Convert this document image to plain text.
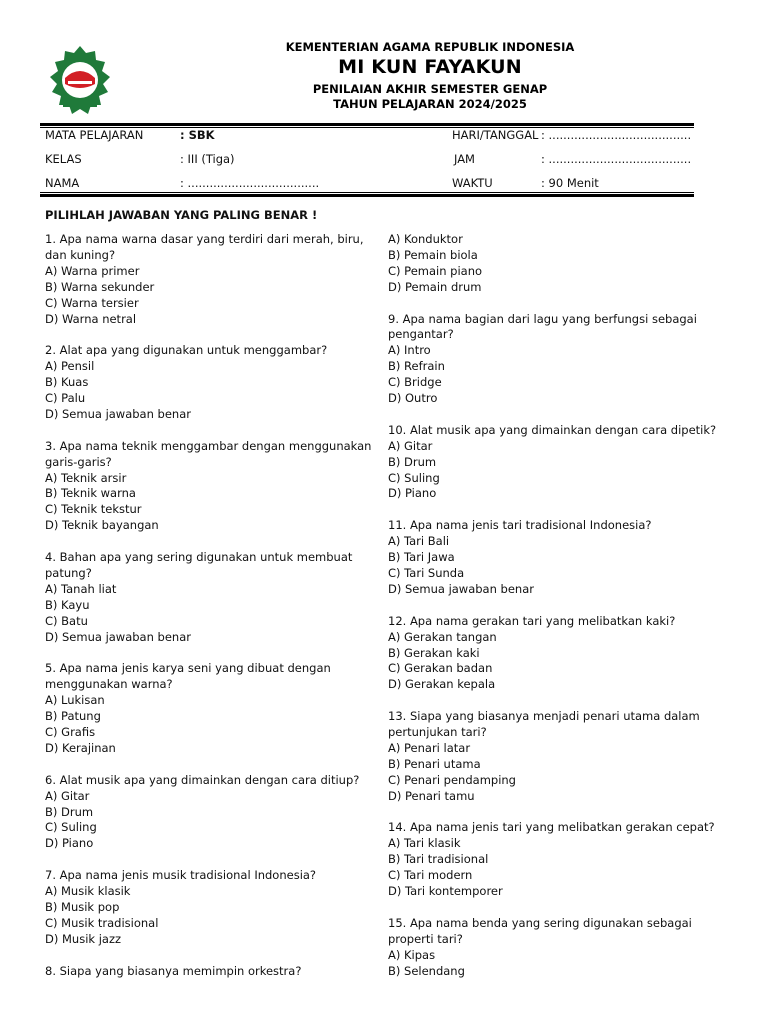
KEMENTERIAN AGAMA REPUBLIK INDONESIA
MI KUN FAYAKUN
PENILAIAN AKHIR SEMESTER GENAP
TAHUN PELAJARAN 2024/2025
MATA PELAJARAN	: SBK	HARI/TANGGAL : .......................................
KELAS	: III (Tiga)	JAM	: .......................................
NAMA	: ....................................	WAKTU	: 90 Menit
PILIHLAH JAWABAN YANG PALING BENAR !
1. Apa nama warna dasar yang terdiri dari merah, biru, dan kuning?
A) Warna primer
B) Warna sekunder
C) Warna tersier
D) Warna netral
2. Alat apa yang digunakan untuk menggambar?
A) Pensil
B) Kuas
C) Palu
D) Semua jawaban benar
3. Apa nama teknik menggambar dengan menggunakan garis-garis?
A) Teknik arsir
B) Teknik warna
C) Teknik tekstur
D) Teknik bayangan
4. Bahan apa yang sering digunakan untuk membuat patung?
A) Tanah liat
B) Kayu
C) Batu
D) Semua jawaban benar
5. Apa nama jenis karya seni yang dibuat dengan menggunakan warna?
A) Lukisan
B) Patung
C) Grafis
D) Kerajinan
6. Alat musik apa yang dimainkan dengan cara ditiup?
A) Gitar
B) Drum
C) Suling
D) Piano
7. Apa nama jenis musik tradisional Indonesia?
A) Musik klasik
B) Musik pop
C) Musik tradisional
D) Musik jazz
8. Siapa yang biasanya memimpin orkestra?
A) Konduktor
B) Pemain biola
C) Pemain piano
D) Pemain drum
9. Apa nama bagian dari lagu yang berfungsi sebagai pengantar?
A) Intro
B) Refrain
C) Bridge
D) Outro
10. Alat musik apa yang dimainkan dengan cara dipetik?
A) Gitar
B) Drum
C) Suling
D) Piano
11. Apa nama jenis tari tradisional Indonesia?
A) Tari Bali
B) Tari Jawa
C) Tari Sunda
D) Semua jawaban benar
12. Apa nama gerakan tari yang melibatkan kaki?
A) Gerakan tangan
B) Gerakan kaki
C) Gerakan badan
D) Gerakan kepala
13. Siapa yang biasanya menjadi penari utama dalam pertunjukan tari?
A) Penari latar
B) Penari utama
C) Penari pendamping
D) Penari tamu
14. Apa nama jenis tari yang melibatkan gerakan cepat?
A) Tari klasik
B) Tari tradisional
C) Tari modern
D) Tari kontemporer
15. Apa nama benda yang sering digunakan sebagai properti tari?
A) Kipas
B) Selendang
